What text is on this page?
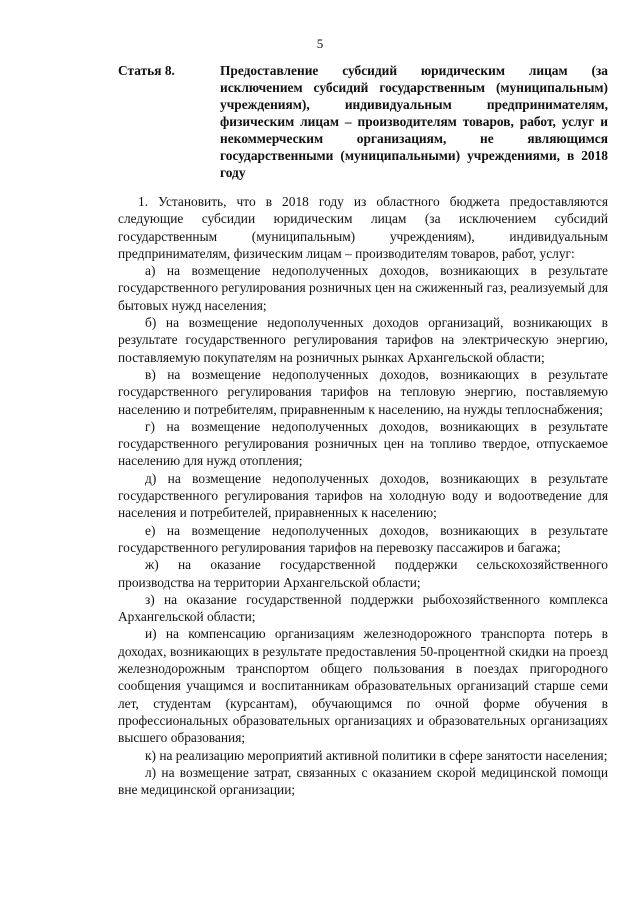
5
Статья 8.	Предоставление субсидий юридическим лицам (за исключением субсидий государственным (муниципальным) учреждениям), индивидуальным предпринимателям, физическим лицам – производителям товаров, работ, услуг и некоммерческим организациям, не являющимся государственными (муниципальными) учреждениями, в 2018 году

1. Установить, что в 2018 году из областного бюджета предоставляются следующие субсидии юридическим лицам (за исключением субсидий государственным (муниципальным) учреждениям), индивидуальным предпринимателям, физическим лицам – производителям товаров, работ, услуг:

а) на возмещение недополученных доходов, возникающих в результате государственного регулирования розничных цен на сжиженный газ, реализуемый для бытовых нужд населения;

б) на возмещение недополученных доходов организаций, возникающих в результате государственного регулирования тарифов на электрическую энергию, поставляемую покупателям на розничных рынках Архангельской области;

в) на возмещение недополученных доходов, возникающих в результате государственного регулирования тарифов на тепловую энергию, поставляемую населению и потребителям, приравненным к населению, на нужды теплоснабжения;

г) на возмещение недополученных доходов, возникающих в результате государственного регулирования розничных цен на топливо твердое, отпускаемое населению для нужд отопления;

д) на возмещение недополученных доходов, возникающих в результате государственного регулирования тарифов на холодную воду и водоотведение для населения и потребителей, приравненных к населению;

е) на возмещение недополученных доходов, возникающих в результате государственного регулирования тарифов на перевозку пассажиров и багажа;

ж) на оказание государственной поддержки сельскохозяйственного производства на территории Архангельской области;

з) на оказание государственной поддержки рыбохозяйственного комплекса Архангельской области;

и) на компенсацию организациям железнодорожного транспорта потерь в доходах, возникающих в результате предоставления 50-процентной скидки на проезд железнодорожным транспортом общего пользования в поездах пригородного сообщения учащимся и воспитанникам образовательных организаций старше семи лет, студентам (курсантам), обучающимся по очной форме обучения в профессиональных образовательных организациях и образовательных организациях высшего образования;

к) на реализацию мероприятий активной политики в сфере занятости населения;

л) на возмещение затрат, связанных с оказанием скорой медицинской помощи вне медицинской организации;
